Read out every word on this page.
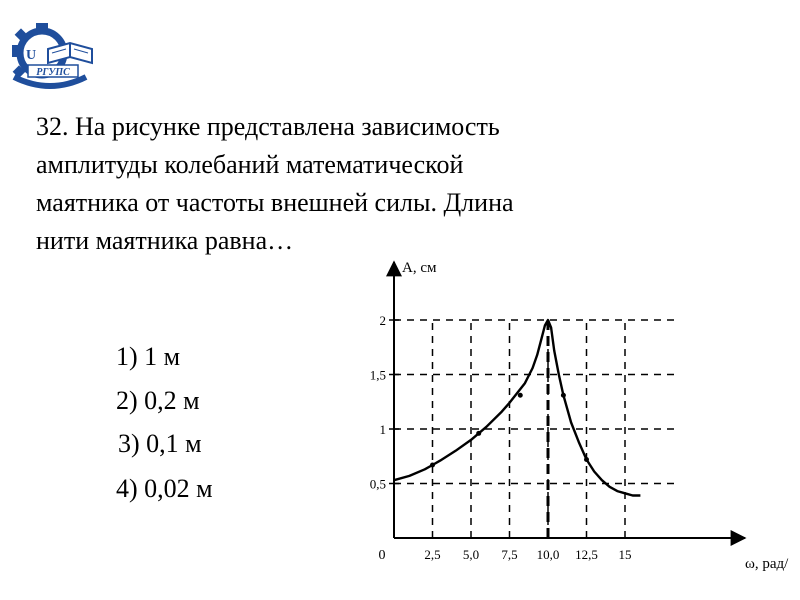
U
РГУПС

32. На рисунке представлена зависимость амплитуды колебаний математической маятника от частоты внешней силы. Длина нити маятника равна…

1) 1 м
2) 0,2 м
3) 0,1 м
4) 0,02 м
2,5 5,0 7,5 10,0 12,5 15
0
0,5
1
1,5
2
А, см
ω, рад/
